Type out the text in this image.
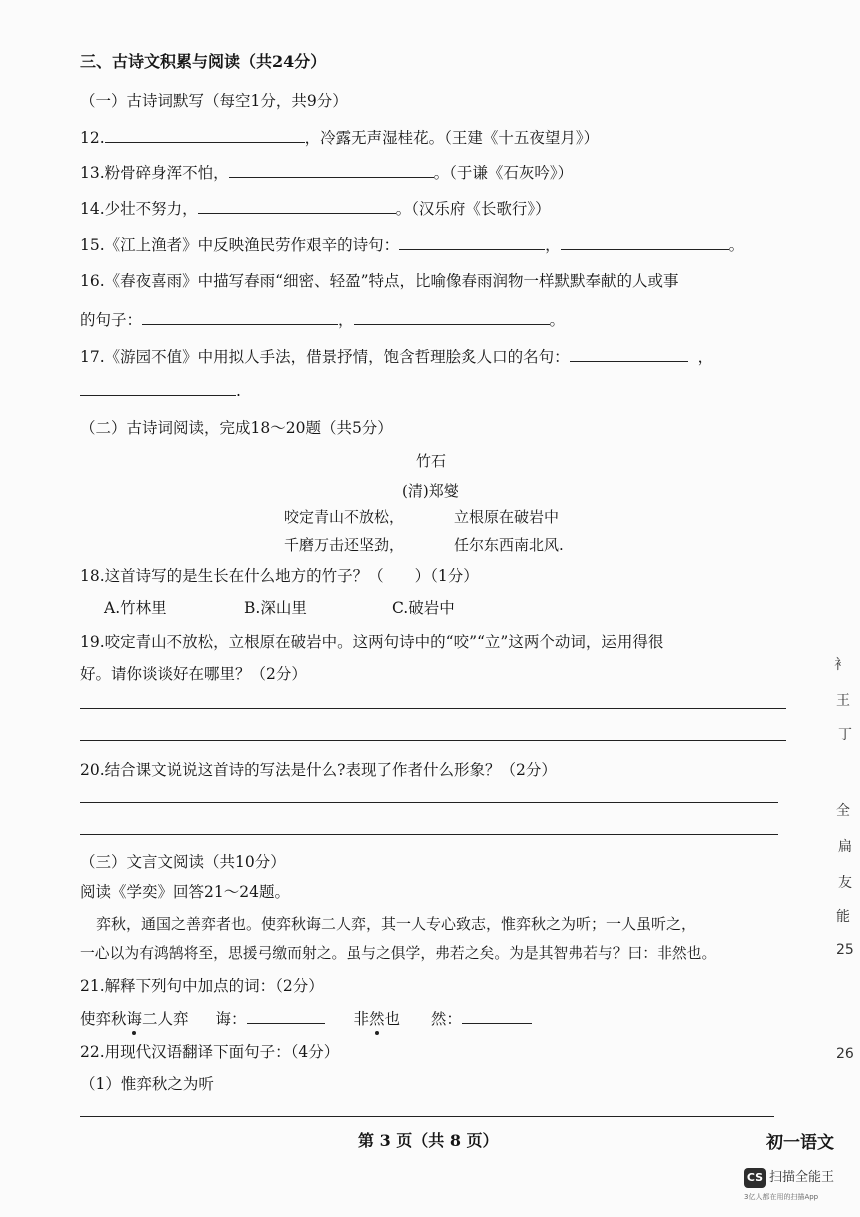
三、古诗文积累与阅读（共24分）
（一）古诗词默写（每空1分，共9分）
12.	，冷露无声湿桂花。（王建《十五夜望月》）
13.粉骨碎身浑不怕，	。（于谦《石灰吟》）
14.少壮不努力，	。（汉乐府《长歌行》）
15.《江上渔者》中反映渔民劳作艰辛的诗句：	，	。
16.《春夜喜雨》中描写春雨“细密、轻盈”特点，比喻像春雨润物一样默默奉献的人或事
的句子：	，	。
17.《游园不值》中用拟人手法，借景抒情，饱含哲理脍炙人口的名句：	，
.
（二）古诗词阅读，完成18～20题（共5分）
竹石
(清)郑燮
咬定青山不放松，	立根原在破岩中
千磨万击还坚劲，	任尔东西南北风.
18.这首诗写的是生长在什么地方的竹子？（　　）（1分）
A.竹林里	B.深山里	C.破岩中
19.咬定青山不放松，立根原在破岩中。这两句诗中的“咬”“立”这两个动词，运用得很
好。请你谈谈好在哪里？（2分）
20.结合课文说说这首诗的写法是什么?表现了作者什么形象？（2分）
（三）文言文阅读（共10分）
阅读《学奕》回答21～24题。
弈秋，通国之善弈者也。使弈秋诲二人弈，其一人专心致志，惟弈秋之为听；一人虽听之，
一心以为有鸿鹄将至，思援弓缴而射之。虽与之俱学，弗若之矣。为是其智弗若与？曰：非然也。
21.解释下列句中加点的词：（2分）
使弈秋诲二人弈 诲：	非然也 然：
22.用现代汉语翻译下面句子：（4分）
（1）惟弈秋之为听
第 3 页（共 8 页）	初一语文
衤
王
丁
全
扁
友
能
25
26
CS 扫描全能王
3亿人都在用的扫描App
